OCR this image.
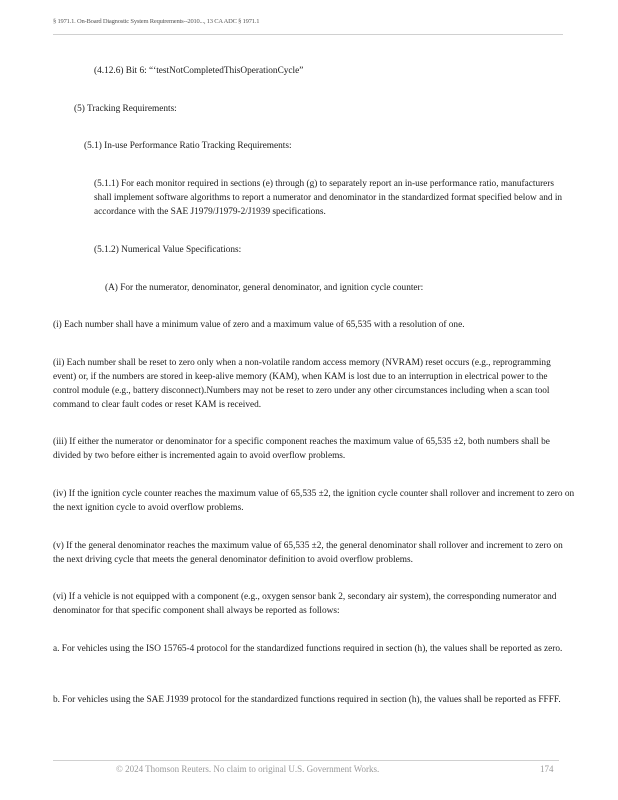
§ 1971.1. On-Board Diagnostic System Requirements--2010..., 13 CA ADC § 1971.1

(4.12.6) Bit 6: “‘testNotCompletedThisOperationCycle”

(5) Tracking Requirements:

(5.1) In-use Performance Ratio Tracking Requirements:

(5.1.1) For each monitor required in sections (e) through (g) to separately report an in-use performance ratio, manufacturers shall implement software algorithms to report a numerator and denominator in the standardized format specified below and in accordance with the SAE J1979/J1979-2/J1939 specifications.

(5.1.2) Numerical Value Specifications:

(A) For the numerator, denominator, general denominator, and ignition cycle counter:

(i) Each number shall have a minimum value of zero and a maximum value of 65,535 with a resolution of one.

(ii) Each number shall be reset to zero only when a non-volatile random access memory (NVRAM) reset occurs (e.g., reprogramming event) or, if the numbers are stored in keep-alive memory (KAM), when KAM is lost due to an interruption in electrical power to the control module (e.g., battery disconnect).Numbers may not be reset to zero under any other circumstances including when a scan tool command to clear fault codes or reset KAM is received.

(iii) If either the numerator or denominator for a specific component reaches the maximum value of 65,535 ±2, both numbers shall be divided by two before either is incremented again to avoid overflow problems.

(iv) If the ignition cycle counter reaches the maximum value of 65,535 ±2, the ignition cycle counter shall rollover and increment to zero on the next ignition cycle to avoid overflow problems.

(v) If the general denominator reaches the maximum value of 65,535 ±2, the general denominator shall rollover and increment to zero on the next driving cycle that meets the general denominator definition to avoid overflow problems.

(vi) If a vehicle is not equipped with a component (e.g., oxygen sensor bank 2, secondary air system), the corresponding numerator and denominator for that specific component shall always be reported as follows:

a. For vehicles using the ISO 15765-4 protocol for the standardized functions required in section (h), the values shall be reported as zero.

b. For vehicles using the SAE J1939 protocol for the standardized functions required in section (h), the values shall be reported as FFFF.

© 2024 Thomson Reuters. No claim to original U.S. Government Works.	174
